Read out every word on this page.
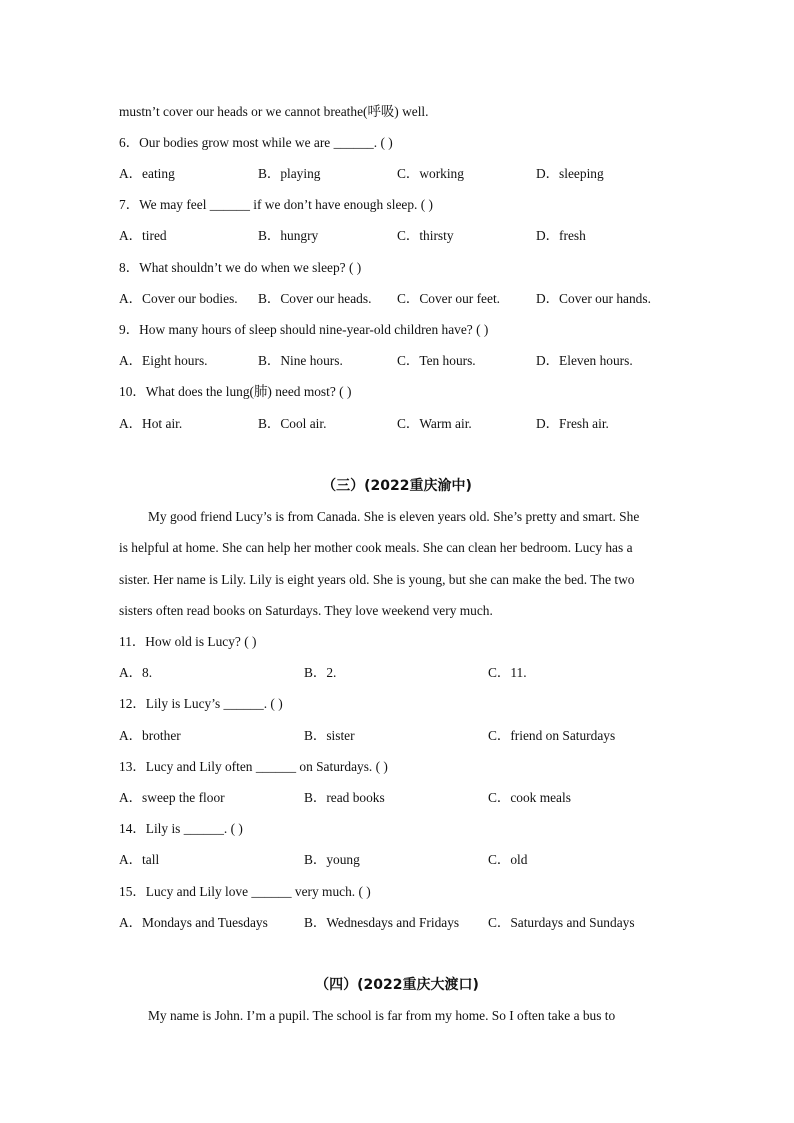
mustn’t cover our heads or we cannot breathe(呼吸) well.
6．Our bodies grow most while we are ______. ( )
A．eating	B．playing	C．working	D．sleeping
7．We may feel ______ if we don’t have enough sleep. ( )
A．tired	B．hungry	C．thirsty	D．fresh
8．What shouldn’t we do when we sleep? ( )
A．Cover our bodies. B．Cover our heads. C．Cover our feet.	D．Cover our hands.
9．How many hours of sleep should nine-year-old children have? ( )
A．Eight hours.	B．Nine hours.	C．Ten hours.	D．Eleven hours.
10．What does the lung(肺) need most? ( )
A．Hot air.	B．Cool air.	C．Warm air.	D．Fresh air.
（三）(2022重庆渝中)
My good friend Lucy’s is from Canada. She is eleven years old. She’s pretty and smart. She
is helpful at home. She can help her mother cook meals. She can clean her bedroom. Lucy has a
sister. Her name is Lily. Lily is eight years old. She is young, but she can make the bed. The two
sisters often read books on Saturdays. They love weekend very much.
11．How old is Lucy? ( )
A．8.	B．2.	C．11.
12．Lily is Lucy’s ______. ( )
A．brother	B．sister	C．friend on Saturdays
13．Lucy and Lily often ______ on Saturdays. ( )
A．sweep the floor	B．read books	C．cook meals
14．Lily is ______. ( )
A．tall	B．young	C．old
15．Lucy and Lily love ______ very much. ( )
A．Mondays and Tuesdays	B．Wednesdays and Fridays C．Saturdays and Sundays
（四）(2022重庆大渡口)
My name is John. I’m a pupil. The school is far from my home. So I often take a bus to
